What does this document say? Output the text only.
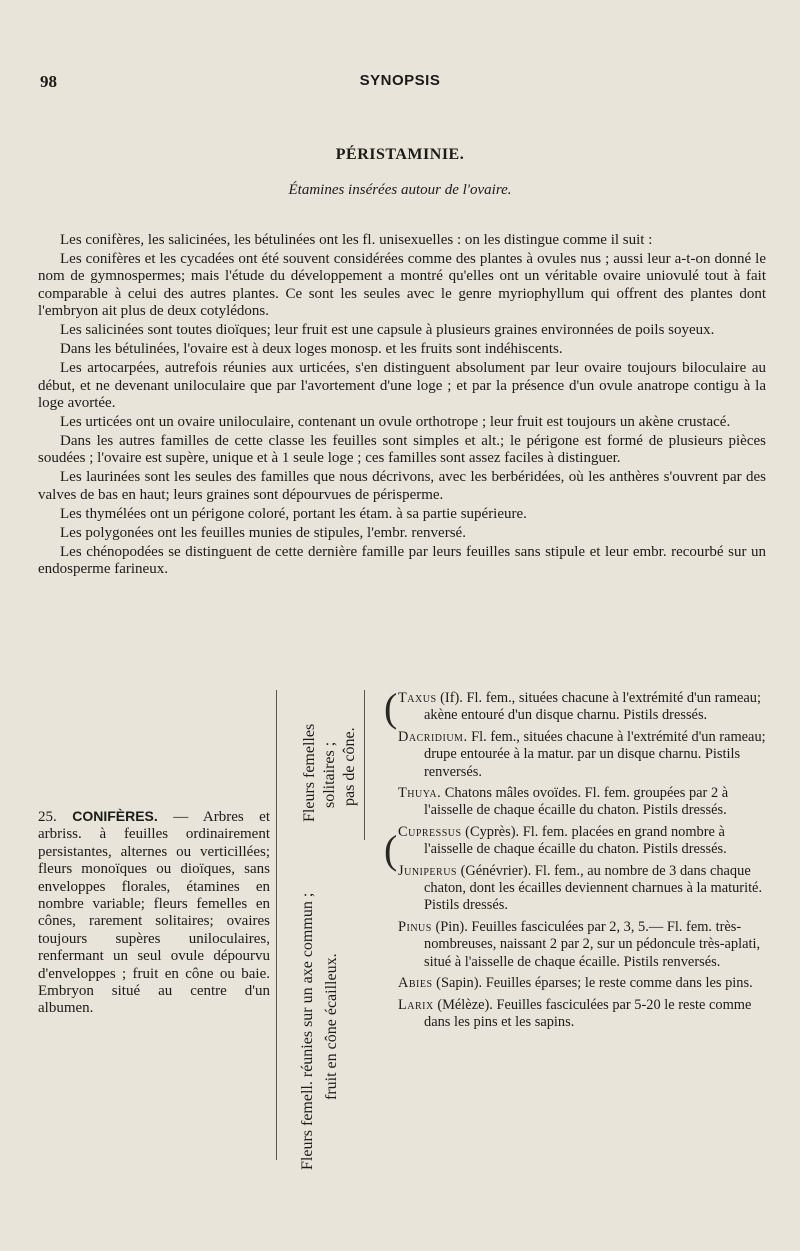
98	SYNOPSIS
PÉRISTAMINIE.
Étamines insérées autour de l'ovaire.

Les conifères, les salicinées, les bétulinées ont les fl. unisexuelles : on les distingue comme il suit :

Les conifères et les cycadées ont été souvent considérées comme des plantes à ovules nus ; aussi leur a-t-on donné le nom de gymnospermes; mais l'étude du développement a montré qu'elles ont un véritable ovaire uniovulé tout à fait comparable à celui des autres plantes. Ce sont les seules avec le genre myriophyllum qui offrent des plantes dont l'embryon ait plus de deux cotylédons.

Les salicinées sont toutes dioïques; leur fruit est une capsule à plusieurs graines environnées de poils soyeux.

Dans les bétulinées, l'ovaire est à deux loges monosp. et les fruits sont indéhiscents.

Les artocarpées, autrefois réunies aux urticées, s'en distinguent absolument par leur ovaire toujours biloculaire au début, et ne devenant uniloculaire que par l'avortement d'une loge ; et par la présence d'un ovule anatrope contigu à la loge avortée.

Les urticées ont un ovaire uniloculaire, contenant un ovule orthotrope ; leur fruit est toujours un akène crustacé.

Dans les autres familles de cette classe les feuilles sont simples et alt.; le périgone est formé de plusieurs pièces soudées ; l'ovaire est supère, unique et à 1 seule loge ; ces familles sont assez faciles à distinguer.

Les laurinées sont les seules des familles que nous décrivons, avec les berbéridées, où les anthères s'ouvrent par des valves de bas en haut; leurs graines sont dépourvues de périsperme.

Les thymélées ont un périgone coloré, portant les étam. à sa partie supérieure.

Les polygonées ont les feuilles munies de stipules, l'embr. renversé.

Les chénopodées se distinguent de cette dernière famille par leurs feuilles sans stipule et leur embr. recourbé sur un endosperme farineux.

25. CONIFÈRES. — Arbres et arbriss. à feuilles ordinairement persistantes, alternes ou verticillées; fleurs monoïques ou dioïques, sans enveloppes florales, étamines en nombre variable; fleurs femelles en cônes, rarement solitaires; ovaires toujours supères uniloculaires, renfermant un seul ovule dépourvu d'enveloppes ; fruit en cône ou baie. Embryon situé au centre d'un albumen.	Fleurs femell. réunies sur un axe commun ; fruit en cône écailleux.
Fleurs femelles solitaires ; pas de cône.
(
(
Taxus (If). Fl. fem., situées chacune à l'extrémité d'un rameau; akène entouré d'un disque charnu. Pistils dressés.
Dacridium. Fl. fem., situées chacune à l'extrémité d'un rameau; drupe entourée à la matur. par un disque charnu. Pistils renversés.
Thuya. Chatons mâles ovoïdes. Fl. fem. groupées par 2 à l'aisselle de chaque écaille du chaton. Pistils dressés.
Cupressus (Cyprès). Fl. fem. placées en grand nombre à l'aisselle de chaque écaille du chaton. Pistils dressés.
Juniperus (Génévrier). Fl. fem., au nombre de 3 dans chaque chaton, dont les écailles deviennent charnues à la maturité. Pistils dressés.
Pinus (Pin). Feuilles fasciculées par 2, 3, 5.— Fl. fem. très-nombreuses, naissant 2 par 2, sur un pédoncule très-aplati, situé à l'aisselle de chaque écaille. Pistils renversés.
Abies (Sapin). Feuilles éparses; le reste comme dans les pins.
Larix (Mélèze). Feuilles fasciculées par 5-20 le reste comme dans les pins et les sapins.
